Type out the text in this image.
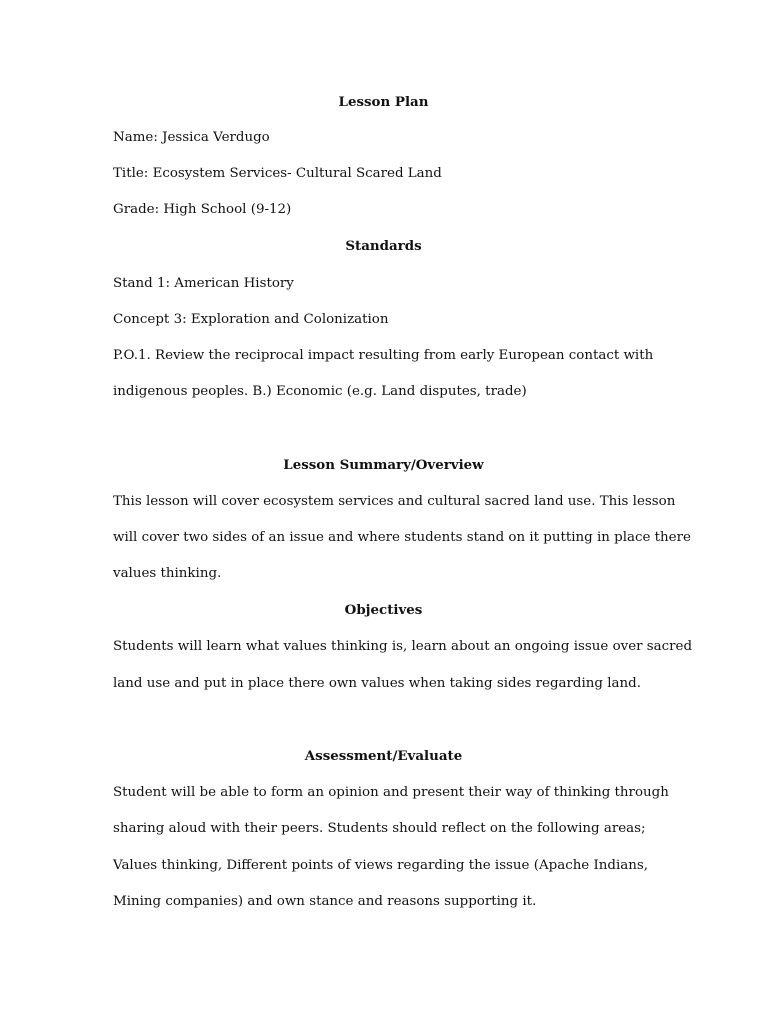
Lesson Plan
Name: Jessica Verdugo
Title: Ecosystem Services- Cultural Scared Land
Grade: High School (9-12)
Standards
Stand 1: American History
Concept 3: Exploration and Colonization
P.O.1. Review the reciprocal impact resulting from early European contact with
indigenous peoples. B.) Economic (e.g. Land disputes, trade)
Lesson Summary/Overview
This lesson will cover ecosystem services and cultural sacred land use. This lesson
will cover two sides of an issue and where students stand on it putting in place there
values thinking.
Objectives
Students will learn what values thinking is, learn about an ongoing issue over sacred
land use and put in place there own values when taking sides regarding land.
Assessment/Evaluate
Student will be able to form an opinion and present their way of thinking through
sharing aloud with their peers. Students should reflect on the following areas;
Values thinking, Different points of views regarding the issue (Apache Indians,
Mining companies) and own stance and reasons supporting it.
